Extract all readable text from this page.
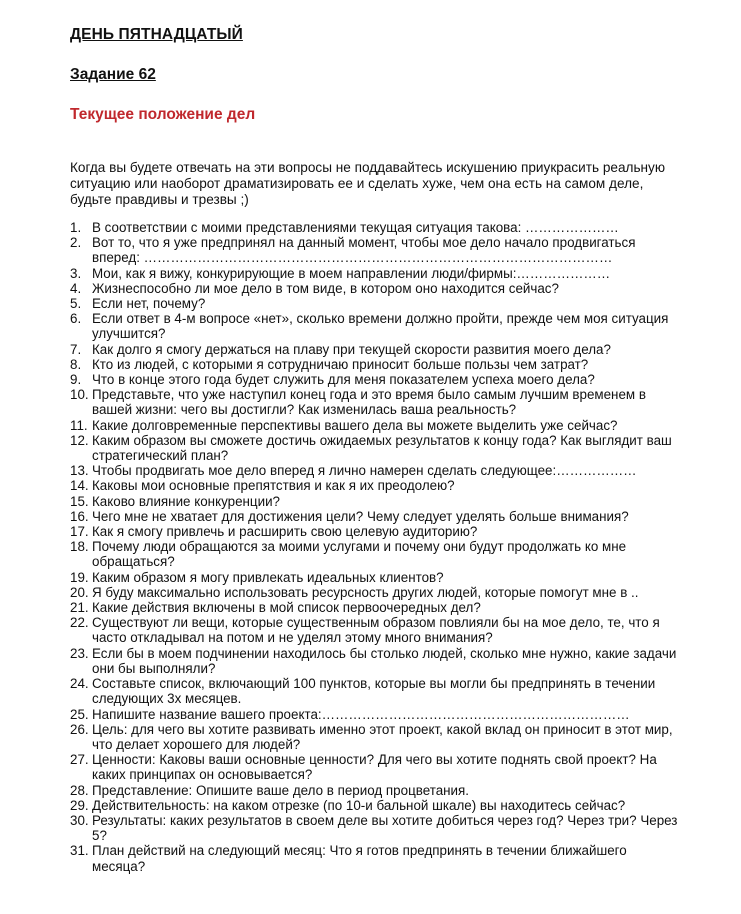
ДЕНЬ ПЯТНАДЦАТЫЙ
Задание 62
Текущее положение дел
Когда вы будете отвечать на эти вопросы не поддавайтесь искушению приукрасить реальную ситуацию или наоборот драматизировать ее и сделать хуже, чем она есть на самом деле, будьте правдивы и трезвы ;)
1. В соответствии с моими представлениями текущая ситуация такова: …………………
2. Вот то, что я уже предпринял на данный момент, чтобы мое дело начало продвигаться вперед: ……………………………………………………………………………………………
3. Мои, как я вижу, конкурирующие в моем направлении люди/фирмы:…………………
4. Жизнеспособно ли мое дело в том виде, в котором оно находится сейчас?
5. Если нет, почему?
6. Если ответ в 4-м вопросе «нет», сколько времени должно пройти, прежде чем моя ситуация улучшится?
7. Как долго я смогу держаться на плаву при текущей скорости развития моего дела?
8. Кто из людей, с которыми я сотрудничаю приносит больше пользы чем затрат?
9. Что в конце этого года будет служить для меня показателем успеха моего дела?
10. Представьте, что уже наступил конец года и это время было самым лучшим временем в вашей жизни: чего вы достигли? Как изменилась ваша реальность?
11. Какие долговременные перспективы вашего дела вы можете выделить уже сейчас?
12. Каким образом вы сможете достичь ожидаемых результатов к концу года? Как выглядит ваш стратегический план?
13. Чтобы продвигать мое дело вперед я лично намерен сделать следующее:………………
14. Каковы мои основные препятствия и как я их преодолею?
15. Каково влияние конкуренции?
16. Чего мне не хватает для достижения цели? Чему следует уделять больше внимания?
17. Как я смогу привлечь и расширить свою целевую аудиторию?
18. Почему люди обращаются за моими услугами и почему они будут продолжать ко мне обращаться?
19. Каким образом я могу привлекать идеальных клиентов?
20. Я буду максимально использовать ресурсность других людей, которые помогут мне в ..
21. Какие действия включены в мой список первоочередных дел?
22. Существуют ли вещи, которые существенным образом повлияли бы на мое дело, те, что я часто откладывал на потом и не уделял этому много внимания?
23. Если бы в моем подчинении находилось бы столько людей, сколько мне нужно, какие задачи они бы выполняли?
24. Составьте список, включающий 100 пунктов, которые вы могли бы предпринять в течении следующих 3х месяцев.
25. Напишите название вашего проекта:……………………………………………………………
26. Цель: для чего вы хотите развивать именно этот проект, какой вклад он приносит в этот мир, что делает хорошего для людей?
27. Ценности: Каковы ваши основные ценности? Для чего вы хотите поднять свой проект? На каких принципах он основывается?
28. Представление: Опишите ваше дело в период процветания.
29. Действительность: на каком отрезке (по 10-и бальной шкале) вы находитесь сейчас?
30. Результаты: каких результатов в своем деле вы хотите добиться через год? Через три? Через 5?
31. План действий на следующий месяц: Что я готов предпринять в течении ближайшего месяца?
